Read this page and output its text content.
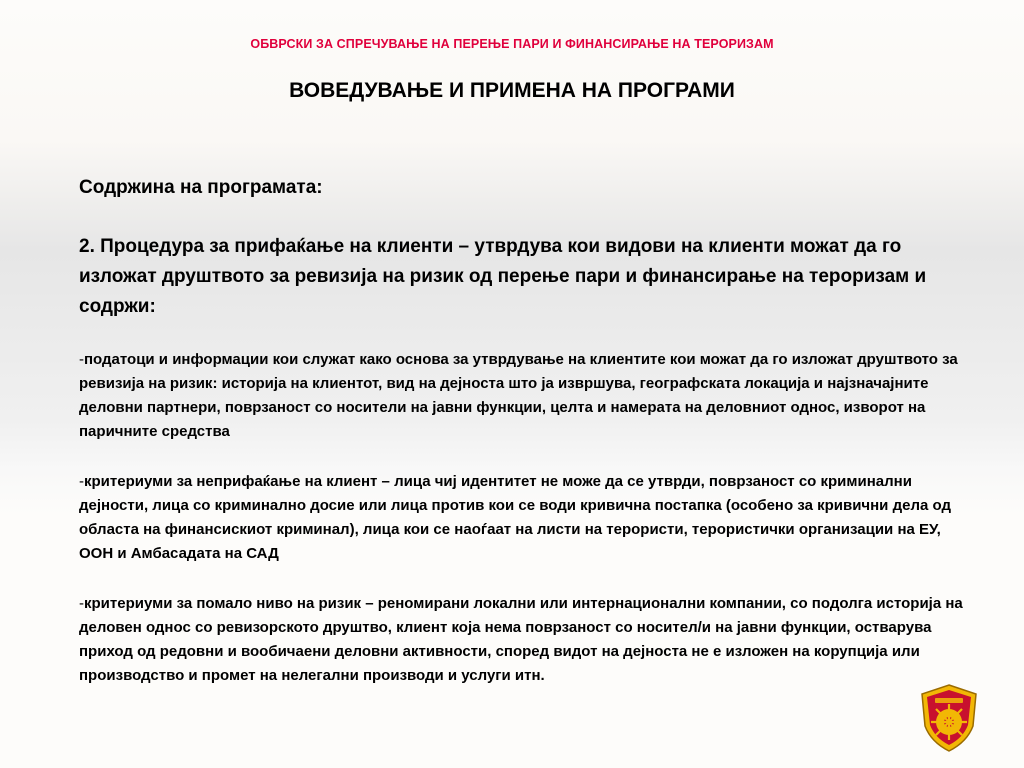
ОБВРСКИ ЗА СПРЕЧУВАЊЕ НА ПЕРЕЊЕ ПАРИ И ФИНАНСИРАЊЕ НА ТЕРОРИЗАМ
ВОВЕДУВАЊЕ И ПРИМЕНА НА ПРОГРАМИ

Содржина на програмата:

2. Процедура за прифаќање на клиенти – утврдува кои видови на клиенти можат да го изложат друштвото за ревизија на ризик од перење пари и финансирање на тероризам и содржи:

-податоци и информации кои служат како основа за утврдување на клиентите кои можат да го изложат друштвото за ревизија на ризик: историја на клиентот, вид на дејноста што ја извршува, географската локација и најзначајните деловни партнери, поврзаност со носители на јавни функции, целта и намерата на деловниот однос, изворот на паричните средства

-критериуми за неприфаќање на клиент – лица чиј идентитет не може да се утврди, поврзаност со криминални дејности, лица со криминално досие или лица против кои се води кривична постапка (особено за кривични дела од областа на финансискиот криминал), лица кои се наоѓаат на листи на терористи, терористички организации на ЕУ, ООН и Амбасадата на САД

-критериуми за помало ниво на ризик – реномирани локални или интернационални компании, со подолга историја на деловен однос со ревизорското друштво, клиент која нема поврзаност со носител/и на јавни функции, остварува приход од редовни и вообичаени деловни активности, според видот на дејноста не е изложен на корупција или производство и промет на нелегални производи и услуги итн.
